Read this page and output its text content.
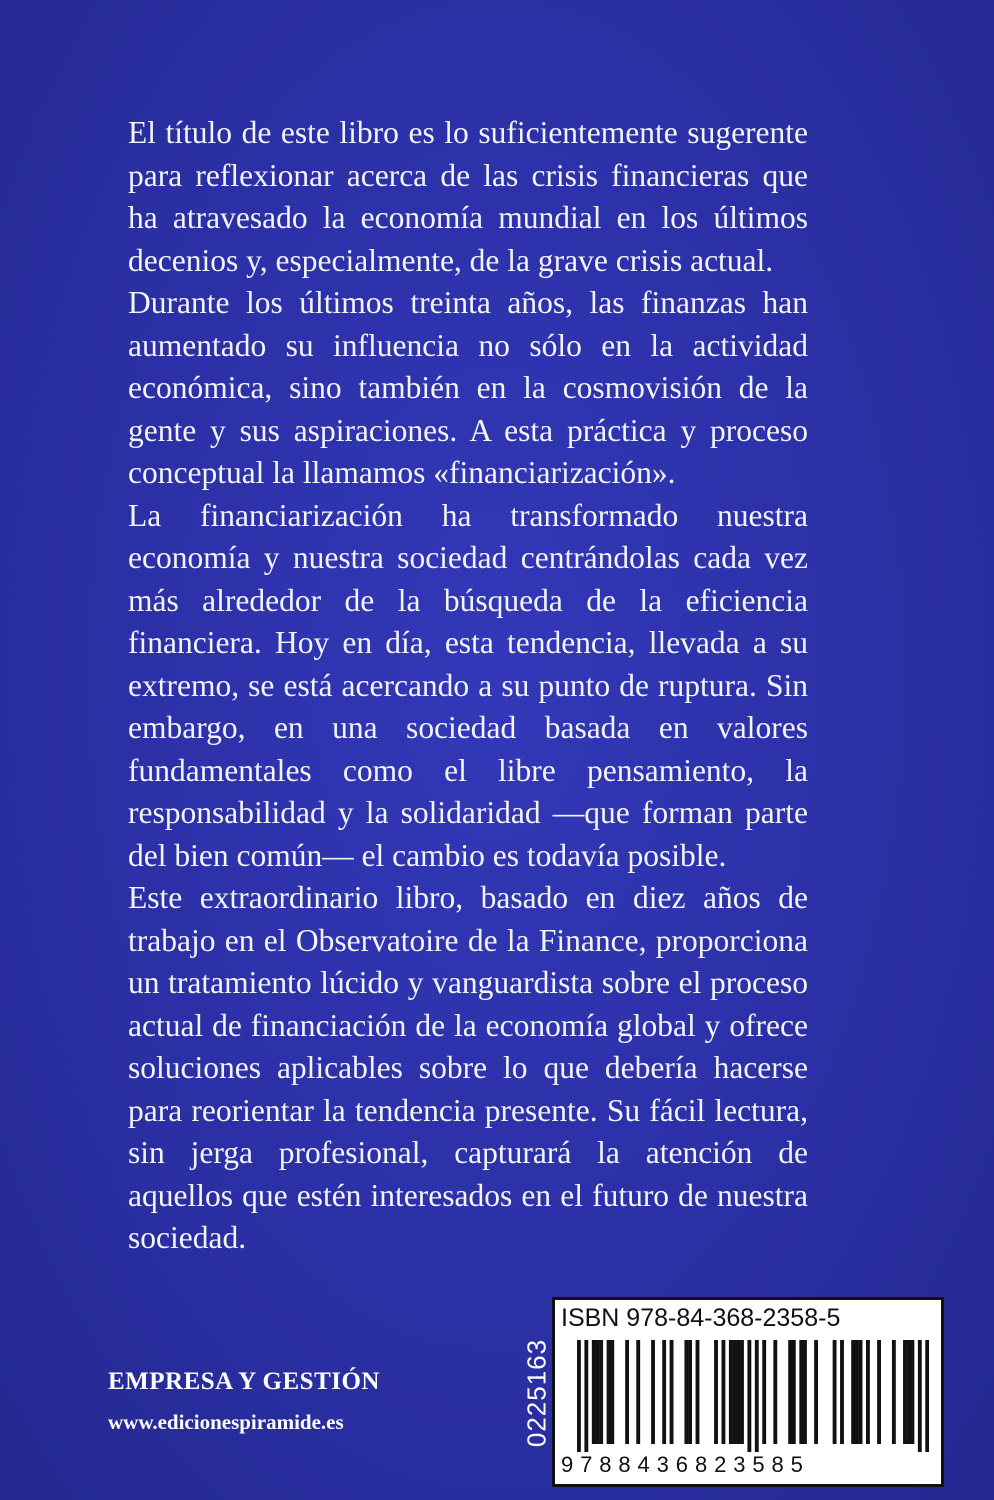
El título de este libro es lo suficientemente sugerente para reflexionar acerca de las crisis financieras que ha atravesado la economía mundial en los últimos decenios y, especialmente, de la grave crisis actual.

Durante los últimos treinta años, las finanzas han aumentado su influencia no sólo en la actividad económica, sino también en la cosmovisión de la gente y sus aspiraciones. A esta práctica y proceso conceptual la llamamos «financiarización».

La financiarización ha transformado nuestra economía y nuestra sociedad centrándolas cada vez más alrededor de la búsqueda de la eficiencia financiera. Hoy en día, esta tendencia, llevada a su extremo, se está acercando a su punto de ruptura. Sin embargo, en una sociedad basada en valores fundamentales como el libre pensamiento, la responsabilidad y la solidaridad —que forman parte del bien común— el cambio es todavía posible.

Este extraordinario libro, basado en diez años de trabajo en el Observatoire de la Finance, proporciona un tratamiento lúcido y vanguardista sobre el proceso actual de financiación de la economía global y ofrece soluciones aplicables sobre lo que debería hacerse para reorientar la tendencia presente. Su fácil lectura, sin jerga profesional, capturará la atención de aquellos que estén interesados en el futuro de nuestra sociedad.

EMPRESA Y GESTIÓN
www.edicionespiramide.es	0225163
ISBN 978-84-368-2358-5
9788436823585
